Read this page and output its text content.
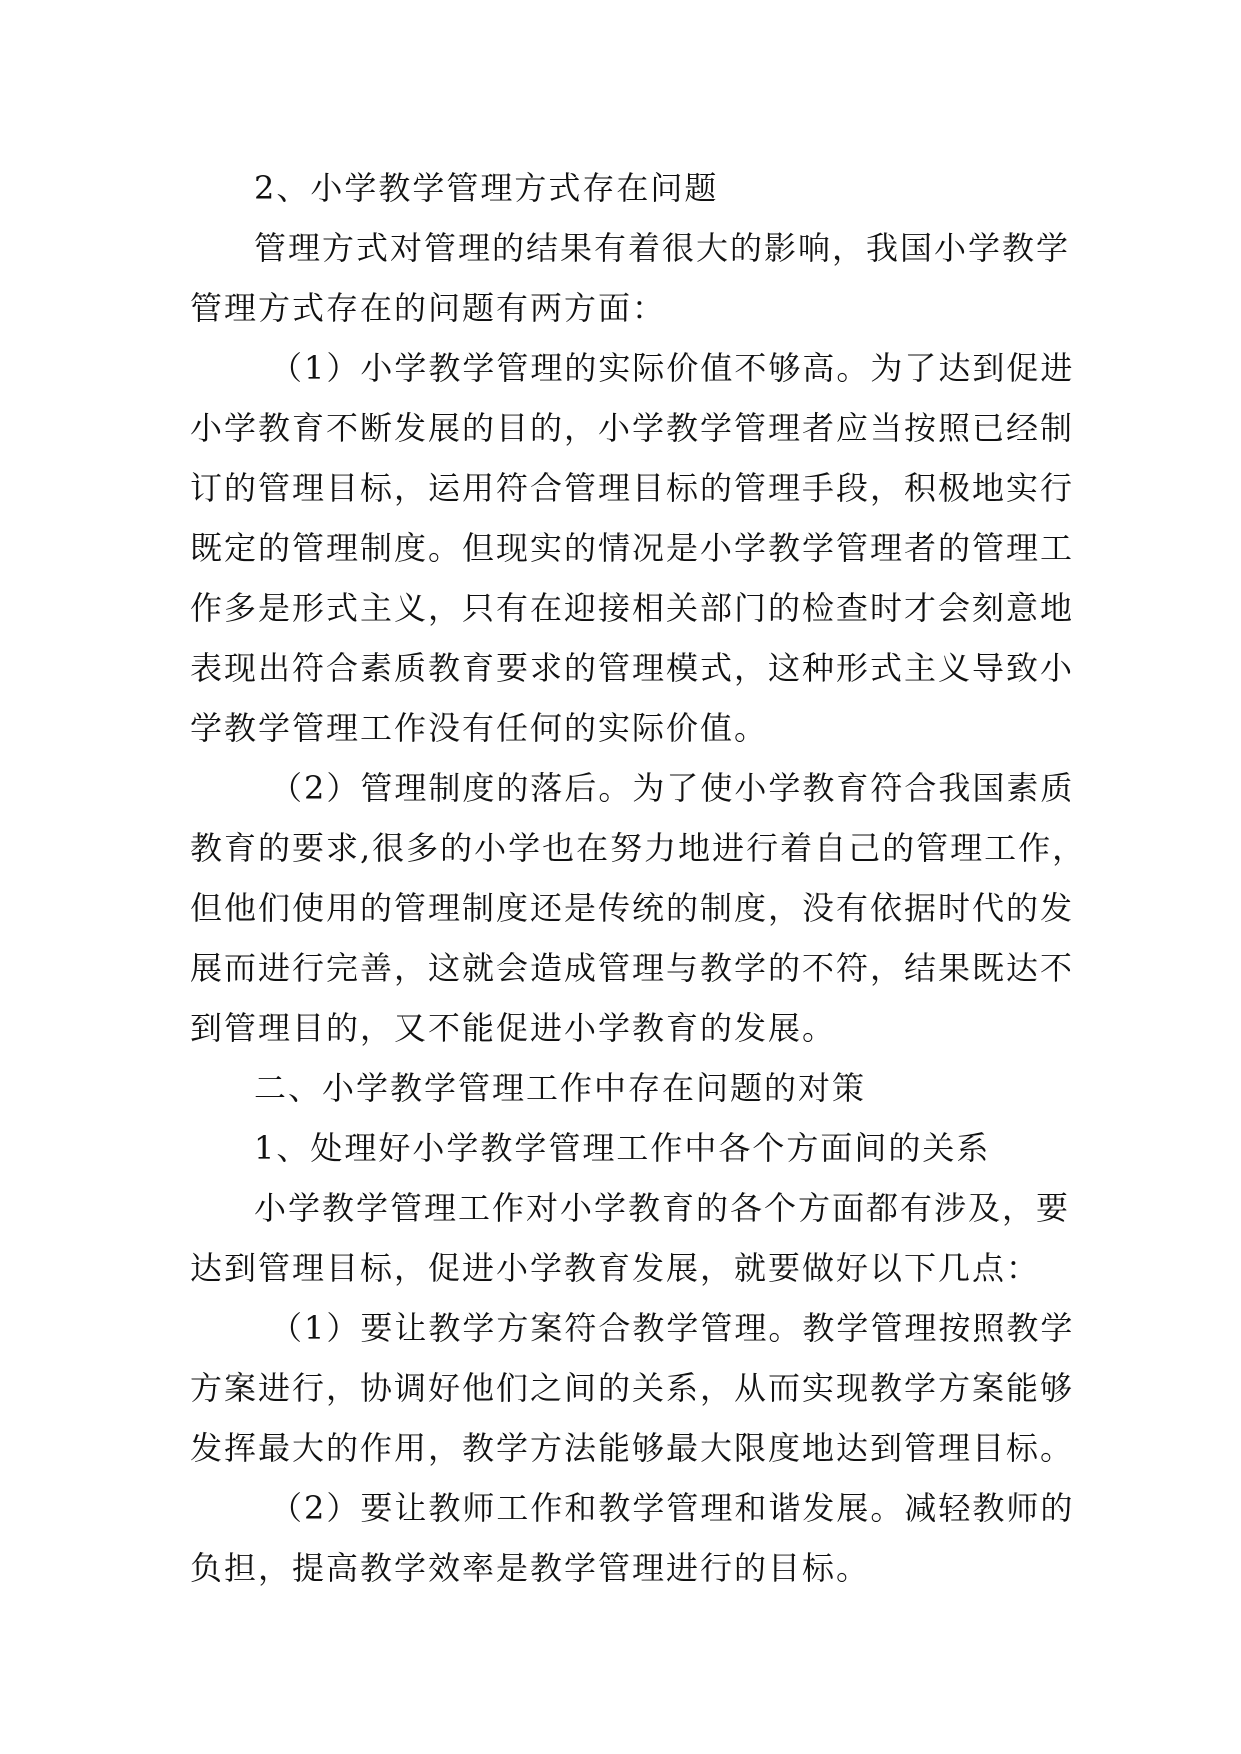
2、小学教学管理方式存在问题
管理方式对管理的结果有着很大的影响，我国小学教学
管理方式存在的问题有两方面：
（1）小学教学管理的实际价值不够高。为了达到促进
小学教育不断发展的目的，小学教学管理者应当按照已经制
订的管理目标，运用符合管理目标的管理手段，积极地实行
既定的管理制度。但现实的情况是小学教学管理者的管理工
作多是形式主义，只有在迎接相关部门的检查时才会刻意地
表现出符合素质教育要求的管理模式，这种形式主义导致小
学教学管理工作没有任何的实际价值。
（2）管理制度的落后。为了使小学教育符合我国素质
教育的要求,很多的小学也在努力地进行着自己的管理工作，
但他们使用的管理制度还是传统的制度，没有依据时代的发
展而进行完善，这就会造成管理与教学的不符，结果既达不
到管理目的，又不能促进小学教育的发展。
二、小学教学管理工作中存在问题的对策
1、处理好小学教学管理工作中各个方面间的关系
小学教学管理工作对小学教育的各个方面都有涉及，要
达到管理目标，促进小学教育发展，就要做好以下几点：
（1）要让教学方案符合教学管理。教学管理按照教学
方案进行，协调好他们之间的关系，从而实现教学方案能够
发挥最大的作用，教学方法能够最大限度地达到管理目标。
（2）要让教师工作和教学管理和谐发展。减轻教师的
负担，提高教学效率是教学管理进行的目标。
